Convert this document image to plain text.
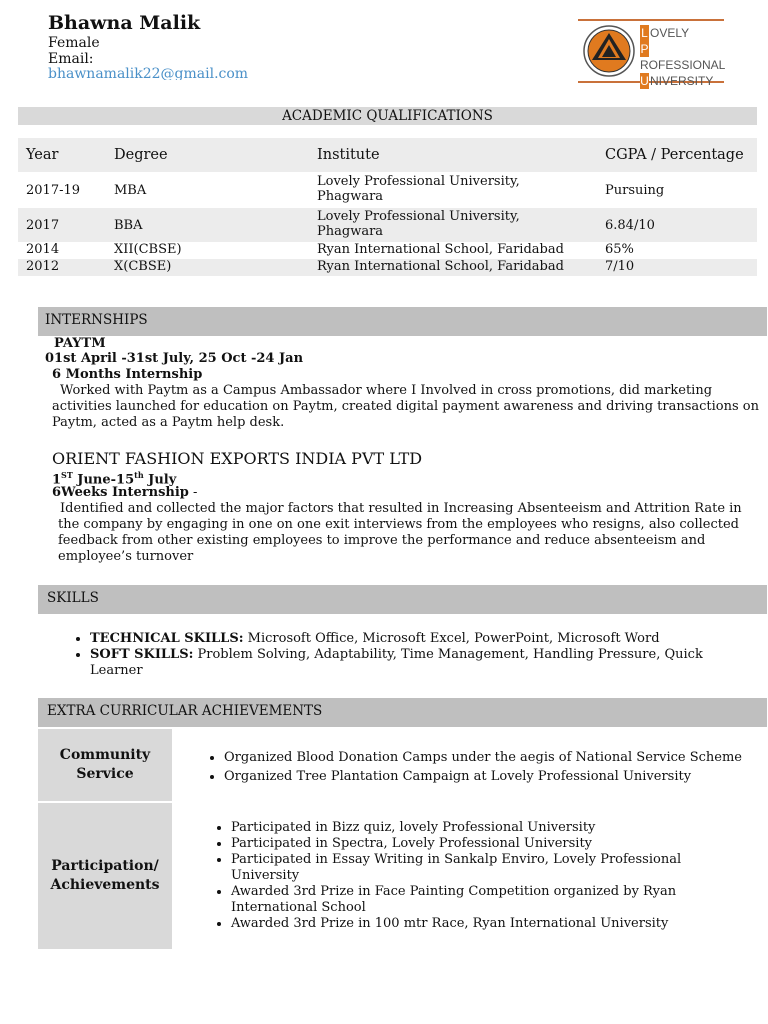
Bhawna Malik
Female
Email:
bhawnamalik22@gmail.com
L OVELY
PROFESSIONAL
UNIVERSITY
ACADEMIC QUALIFICATIONS
Year	Degree	Institute	CGPA / Percentage
2017-19	MBA	Lovely Professional University, Phagwara	Pursuing
2017	BBA	Lovely Professional University, Phagwara	6.84/10
2014	XII(CBSE)	Ryan International School, Faridabad	65%
2012	X(CBSE)	Ryan International School, Faridabad	7/10
INTERNSHIPS
PAYTM
01st April -31st July, 25 Oct -24 Jan
6 Months Internship
Worked with Paytm as a Campus Ambassador where I Involved in cross promotions, did marketing activities launched for education on Paytm, created digital payment awareness and driving transactions on Paytm, acted as a Paytm help desk.
ORIENT FASHION EXPORTS INDIA PVT LTD
1ST June-15th July
6Weeks Internship -
Identified and collected the major factors that resulted in Increasing Absenteeism and Attrition Rate in the company by engaging in one on one exit interviews from the employees who resigns, also collected feedback from other existing employees to improve the performance and reduce absenteeism and employee’s turnover
SKILLS
• TECHNICAL SKILLS: Microsoft Office, Microsoft Excel, PowerPoint, Microsoft Word
• SOFT SKILLS: Problem Solving, Adaptability, Time Management, Handling Pressure, Quick Learner
EXTRA CURRICULAR ACHIEVEMENTS
Community Service
• Organized Blood Donation Camps under the aegis of National Service Scheme
• Organized Tree Plantation Campaign at Lovely Professional University
Participation/ Achievements
• Participated in Bizz quiz, lovely Professional University
• Participated in Spectra, Lovely Professional University
• Participated in Essay Writing in Sankalp Enviro, Lovely Professional University
• Awarded 3rd Prize in Face Painting Competition organized by Ryan International School
• Awarded 3rd Prize in 100 mtr Race, Ryan International University
